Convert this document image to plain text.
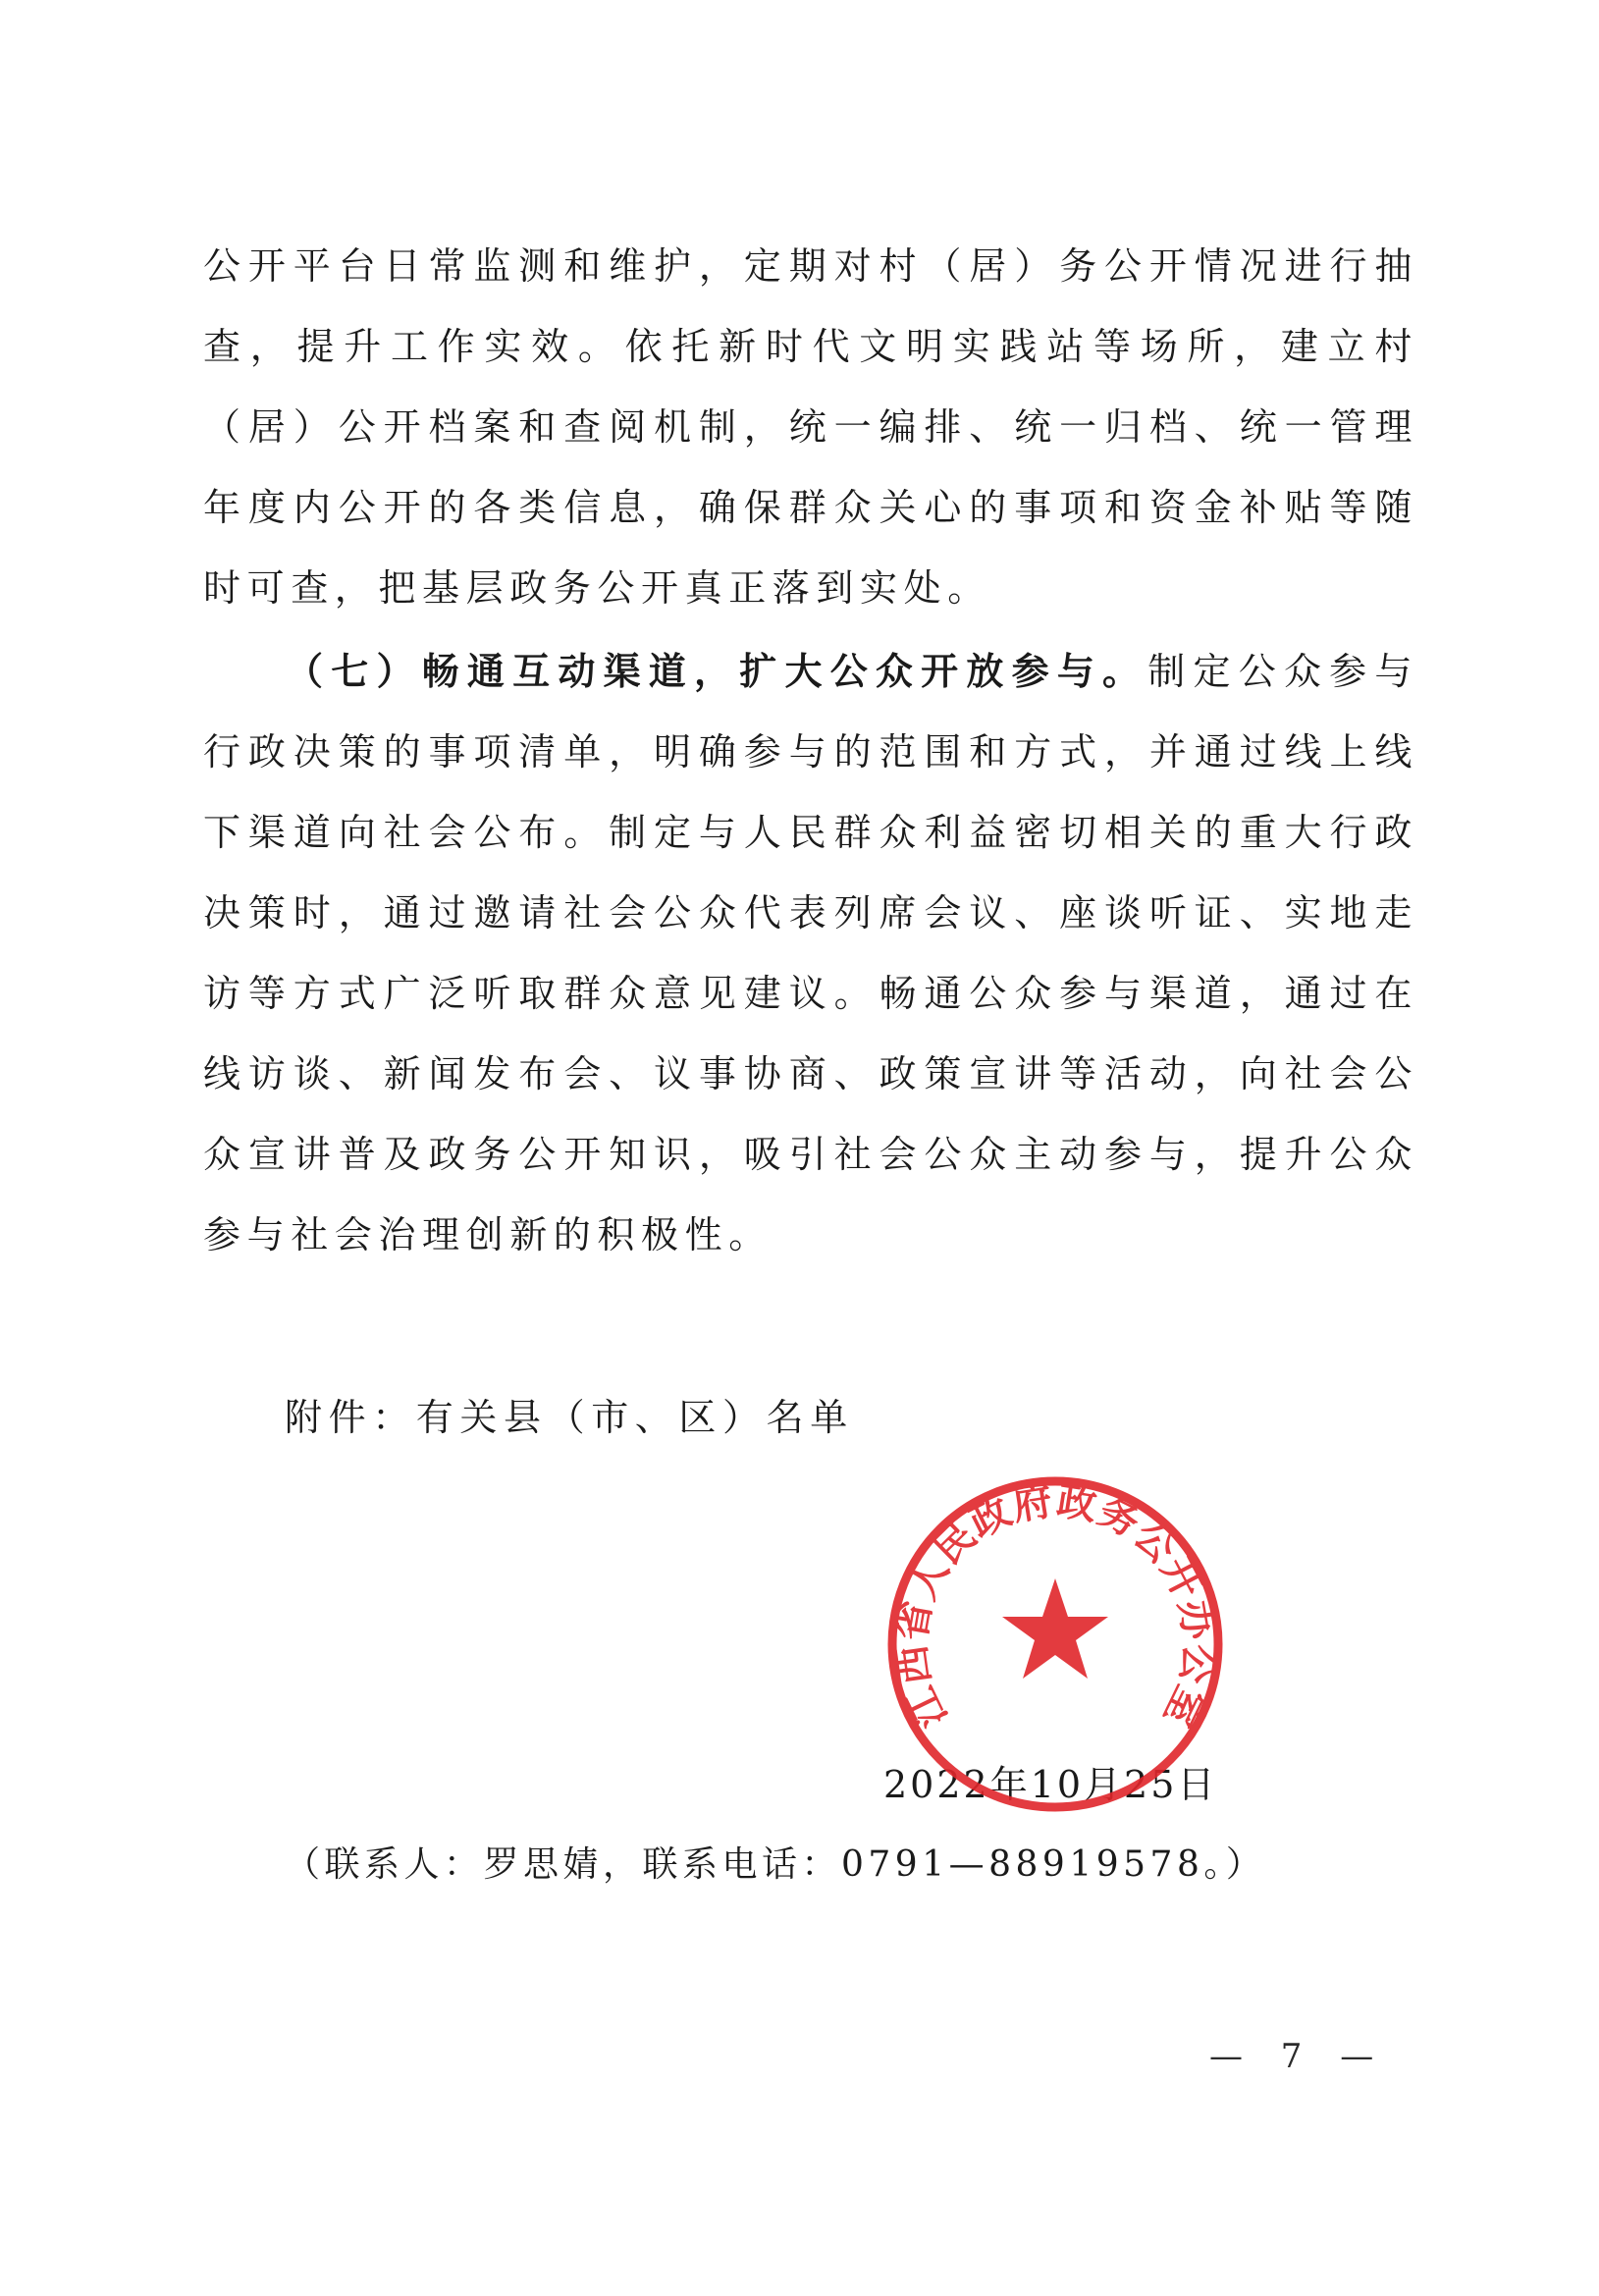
公开平台日常监测和维护，定期对村（居）务公开情况进行抽查，提升工作实效。依托新时代文明实践站等场所，建立村（居）公开档案和查阅机制，统一编排、统一归档、统一管理年度内公开的各类信息，确保群众关心的事项和资金补贴等随时可查，把基层政务公开真正落到实处。

（七）畅通互动渠道，扩大公众开放参与。制定公众参与行政决策的事项清单，明确参与的范围和方式，并通过线上线下渠道向社会公布。制定与人民群众利益密切相关的重大行政决策时，通过邀请社会公众代表列席会议、座谈听证、实地走访等方式广泛听取群众意见建议。畅通公众参与渠道，通过在线访谈、新闻发布会、议事协商、政策宣讲等活动，向社会公众宣讲普及政务公开知识，吸引社会公众主动参与，提升公众参与社会治理创新的积极性。

附件：有关县（市、区）名单

2022年10月25日

江西省人民政府政务公开办公室

（联系人：罗思婧，联系电话：0791—88919578。）

— 7 —
